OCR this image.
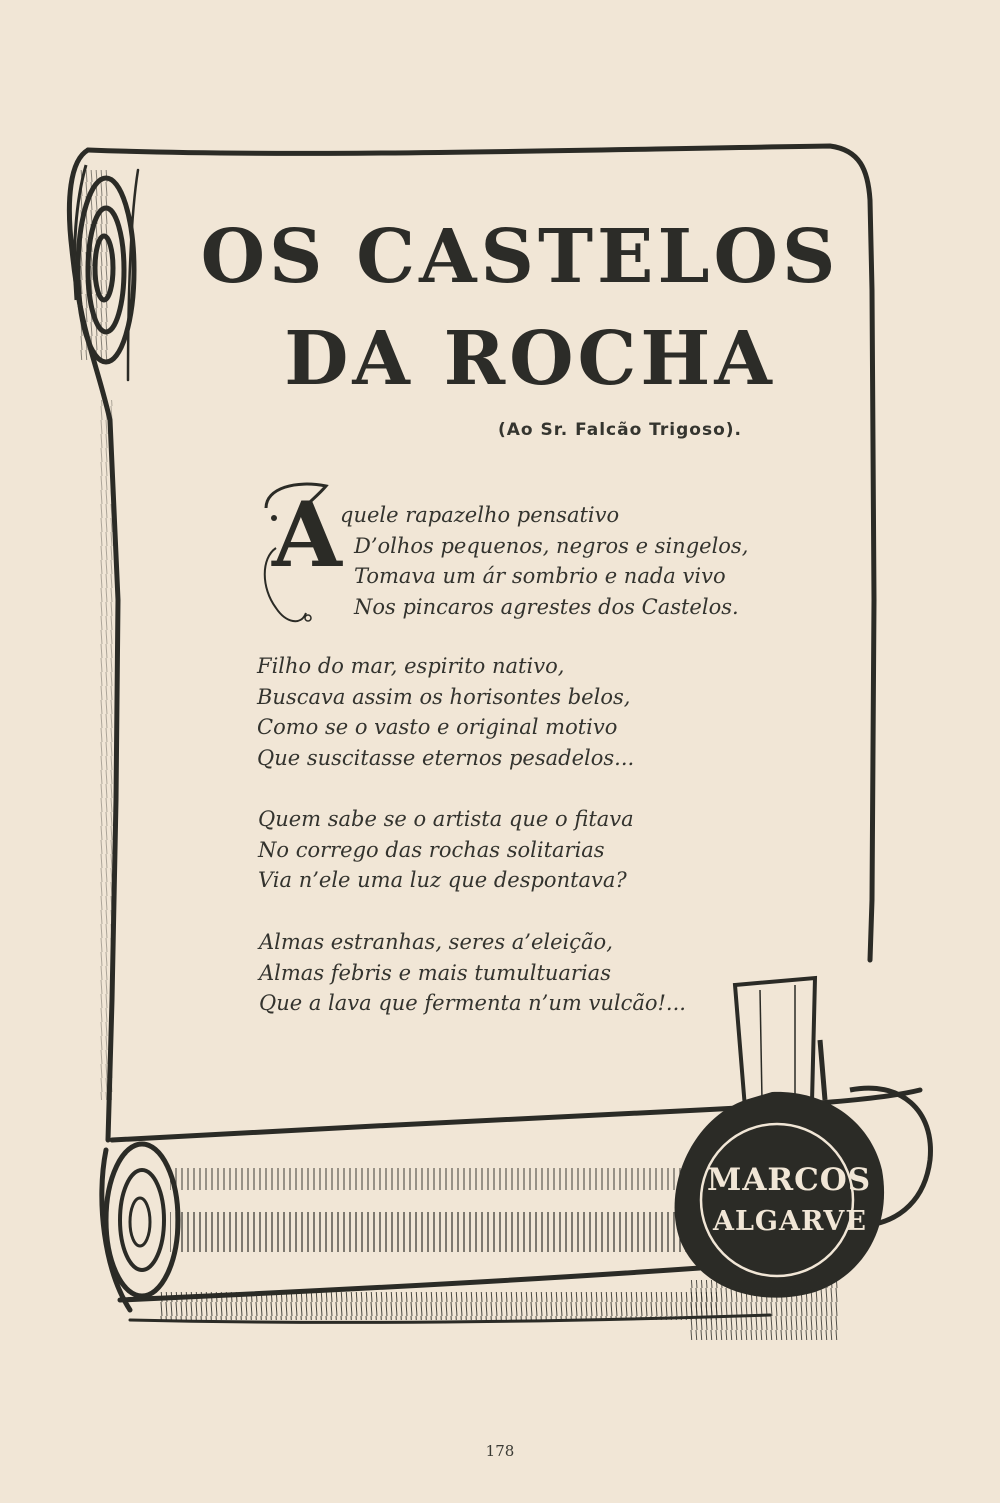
OS CASTELOS
DA ROCHA
(Ao Sr. Falcão Trigoso).
A
quele rapazelho pensativo
D’olhos pequenos, negros e singelos,
Tomava um ár sombrio e nada vivo
Nos pincaros agrestes dos Castelos.
Filho do mar, espirito nativo,
Buscava assim os horisontes belos,
Como se o vasto e original motivo
Que suscitasse eternos pesadelos...
Quem sabe se o artista que o fitava
No corrego das rochas solitarias
Via n’ele uma luz que despontava?
Almas estranhas, seres a’eleição,
Almas febris e mais tumultuarias
Que a lava que fermenta n’um vulcão!...
MARCOS
ALGARVE
178
